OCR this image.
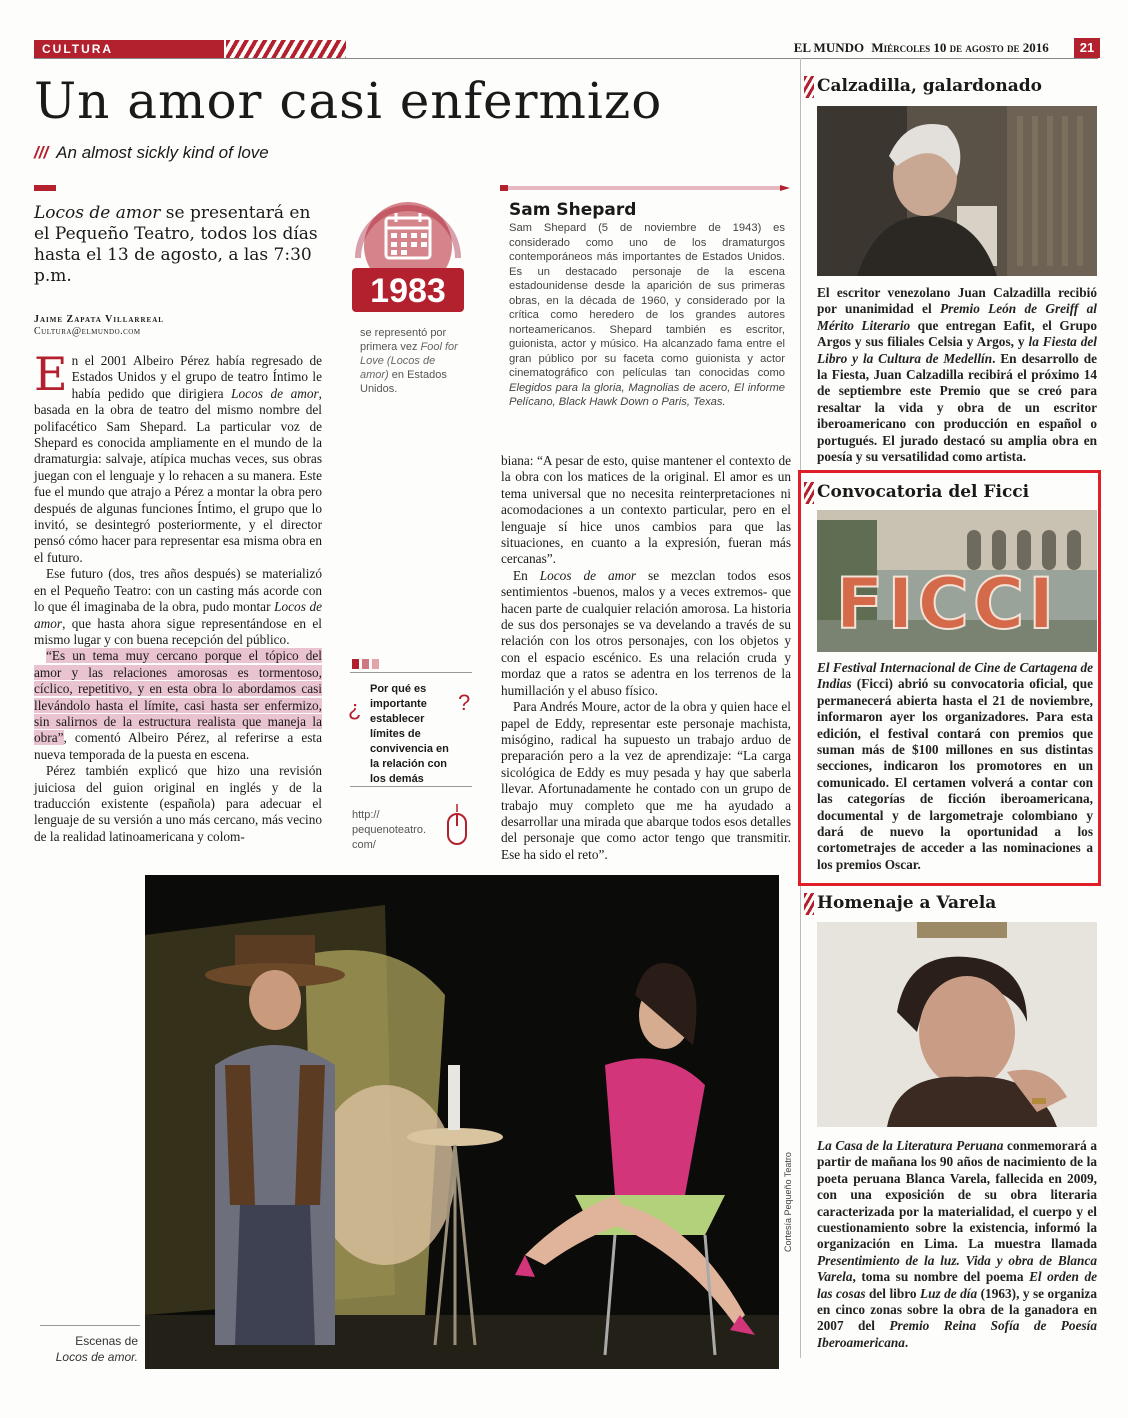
CULTURA	EL MUNDO Miércoles 10 de agosto de 2016	21
Un amor casi enfermizo
/// An almost sickly kind of love
Locos de amor se presentará en el Pequeño Teatro, todos los días hasta el 13 de agosto, a las 7:30 p.m.
Jaime Zapata Villarreal
Cultura@elmundo.com

En el 2001 Albeiro Pérez había regresado de Estados Unidos y el grupo de teatro Íntimo le había pedido que dirigiera Locos de amor, basada en la obra de teatro del mismo nombre del polifacético Sam Shepard. La particular voz de Shepard es conocida ampliamente en el mundo de la dramaturgia: salvaje, atípica muchas veces, sus obras juegan con el lenguaje y lo rehacen a su manera. Este fue el mundo que atrajo a Pérez a montar la obra pero después de algunas funciones Íntimo, el grupo que lo invitó, se desintegró posteriormente, y el director pensó cómo hacer para representar esa misma obra en el futuro.

Ese futuro (dos, tres años después) se materializó en el Pequeño Teatro: con un casting más acorde con lo que él imaginaba de la obra, pudo montar Locos de amor, que hasta ahora sigue representándose en el mismo lugar y con buena recepción del público.

“Es un tema muy cercano porque el tópico del amor y las relaciones amorosas es tormentoso, cíclico, repetitivo, y en esta obra lo abordamos casi llevándolo hasta el límite, casi hasta ser enfermizo, sin salirnos de la estructura realista que maneja la obra”, comentó Albeiro Pérez, al referirse a esta nueva temporada de la puesta en escena.

Pérez también explicó que hizo una revisión juiciosa del guion original en inglés y de la traducción existente (española) para adecuar el lenguaje de su versión a uno más cercano, más vecino de la realidad latinoamericana y colom-

1983
se representó por primera vez Fool for Love (Locos de amor) en Estados Unidos.
¿	?
Por qué es importante establecer límites de convivencia en la relación con los demás
http:// pequenoteatro. com/
Sam Shepard
Sam Shepard (5 de noviembre de 1943) es considerado como uno de los dramaturgos contemporáneos más importantes de Estados Unidos. Es un destacado personaje de la escena estadounidense desde la aparición de sus primeras obras, en la década de 1960, y considerado por la crítica como heredero de los grandes autores norteamericanos. Shepard también es escritor, guionista, actor y músico. Ha alcanzado fama entre el gran público por su faceta como guionista y actor cinematográfico con películas tan conocidas como Elegidos para la gloria, Magnolias de acero, El informe Pelícano, Black Hawk Down o Paris, Texas.

biana: “A pesar de esto, quise mantener el contexto de la obra con los matices de la original. El amor es un tema universal que no necesita reinterpretaciones ni acomodaciones a un contexto particular, pero en el lenguaje sí hice unos cambios para que las situaciones, en cuanto a la expresión, fueran más cercanas”.

En Locos de amor se mezclan todos esos sentimientos -buenos, malos y a veces extremos- que hacen parte de cualquier relación amorosa. La historia de sus dos personajes se va develando a través de su relación con los otros personajes, con los objetos y con el espacio escénico. Es una relación cruda y mordaz que a ratos se adentra en los terrenos de la humillación y el abuso físico.

Para Andrés Moure, actor de la obra y quien hace el papel de Eddy, representar este personaje machista, misógino, radical ha supuesto un trabajo arduo de preparación pero a la vez de aprendizaje: “La carga sicológica de Eddy es muy pesada y hay que saberla llevar. Afortunadamente he contado con un grupo de trabajo muy completo que me ha ayudado a desarrollar una mirada que abarque todos esos detalles del personaje que como actor tengo que transmitir. Ese ha sido el reto”.

Calzadilla, galardonado
El escritor venezolano Juan Calzadilla recibió por unanimidad el Premio León de Greiff al Mérito Literario que entregan Eafit, el Grupo Argos y sus filiales Celsia y Argos, y la Fiesta del Libro y la Cultura de Medellín. En desarrollo de la Fiesta, Juan Calzadilla recibirá el próximo 14 de septiembre este Premio que se creó para resaltar la vida y obra de un escritor iberoamericano con producción en español o portugués. El jurado destacó su amplia obra en poesía y su versatilidad como artista.
Convocatoria del Ficci
FICCI
El Festival Internacional de Cine de Cartagena de Indias (Ficci) abrió su convocatoria oficial, que permanecerá abierta hasta el 21 de noviembre, informaron ayer los organizadores. Para esta edición, el festival contará con premios que suman más de $100 millones en sus distintas secciones, indicaron los promotores en un comunicado. El certamen volverá a contar con las categorías de ficción iberoamericana, documental y de largometraje colombiano y dará de nuevo la oportunidad a los cortometrajes de acceder a las nominaciones a los premios Oscar.
Homenaje a Varela
La Casa de la Literatura Peruana conmemorará a partir de mañana los 90 años de nacimiento de la poeta peruana Blanca Varela, fallecida en 2009, con una exposición de su obra literaria caracterizada por la materialidad, el cuerpo y el cuestionamiento sobre la existencia, informó la organización en Lima. La muestra llamada Presentimiento de la luz. Vida y obra de Blanca Varela, toma su nombre del poema El orden de las cosas del libro Luz de día (1963), y se organiza en cinco zonas sobre la obra de la ganadora en 2007 del Premio Reina Sofía de Poesía Iberoamericana.
Cortesía Pequeño Teatro
Escenas de
Locos de amor.
